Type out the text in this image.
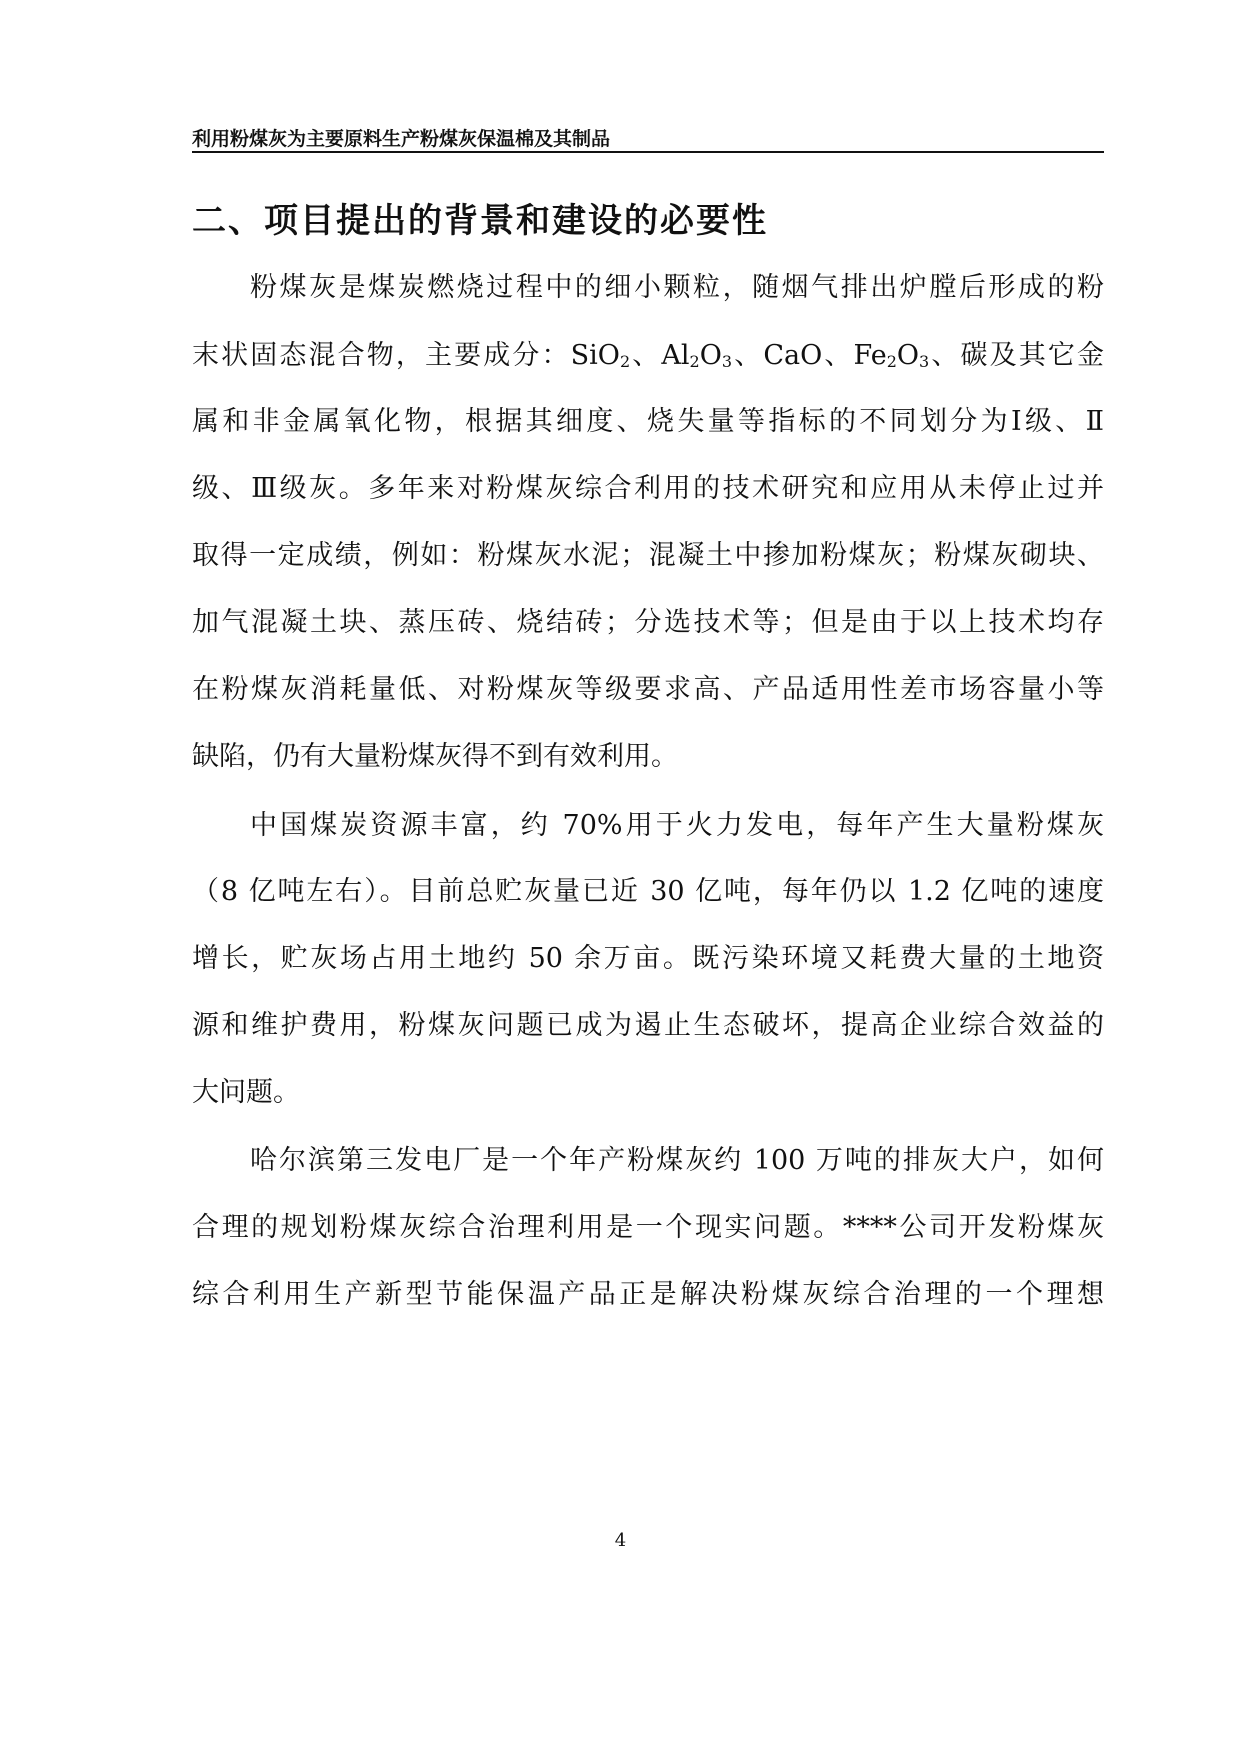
利用粉煤灰为主要原料生产粉煤灰保温棉及其制品
二、项目提出的背景和建设的必要性
粉煤灰是煤炭燃烧过程中的细小颗粒，随烟气排出炉膛后形成的粉
末状固态混合物，主要成分：SiO$_2$、$Al_2O_3$、CaO、$Fe_2O_3$、碳及其它金
属和非金属氧化物，根据其细度、烧失量等指标的不同划分为Ⅰ级、Ⅱ
级、Ⅲ级灰。多年来对粉煤灰综合利用的技术研究和应用从未停止过并
取得一定成绩，例如：粉煤灰水泥；混凝土中掺加粉煤灰；粉煤灰砌块、
加气混凝土块、蒸压砖、烧结砖；分选技术等；但是由于以上技术均存
在粉煤灰消耗量低、对粉煤灰等级要求高、产品适用性差市场容量小等
缺陷，仍有大量粉煤灰得不到有效利用。
中国煤炭资源丰富，约 70%用于火力发电，每年产生大量粉煤灰
（8 亿吨左右）。目前总贮灰量已近 30 亿吨，每年仍以 1.2 亿吨的速度
增长，贮灰场占用土地约 50 余万亩。既污染环境又耗费大量的土地资
源和维护费用，粉煤灰问题已成为遏止生态破坏，提高企业综合效益的
大问题。
哈尔滨第三发电厂是一个年产粉煤灰约 100 万吨的排灰大户，如何
合理的规划粉煤灰综合治理利用是一个现实问题。****公司开发粉煤灰
综合利用生产新型节能保温产品正是解决粉煤灰综合治理的一个理想
4
